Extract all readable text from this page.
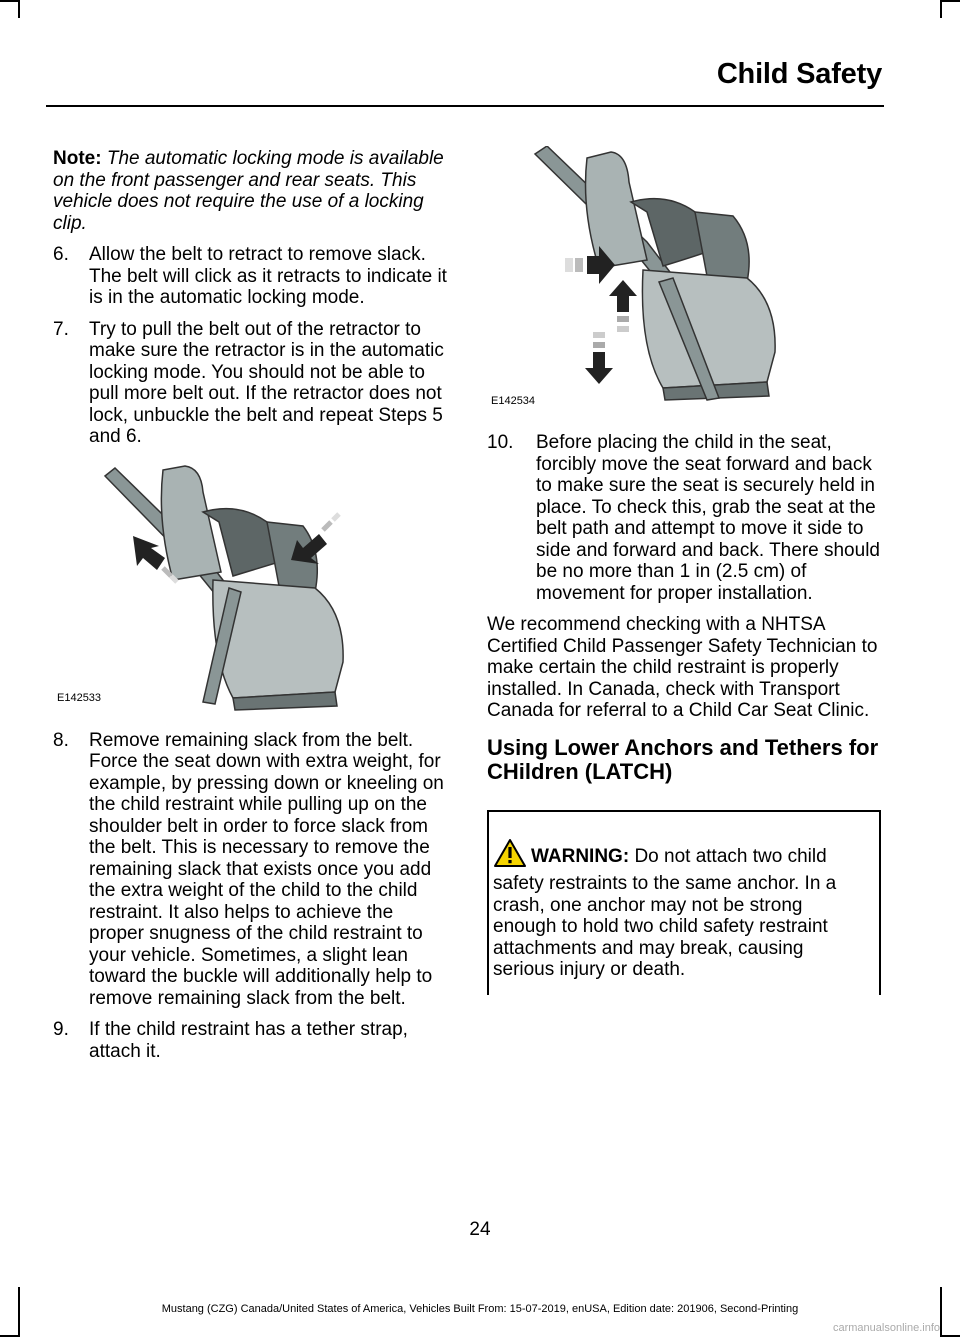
Child Safety

Note: The automatic locking mode is available on the front passenger and rear seats. This vehicle does not require the use of a locking clip.

6.	Allow the belt to retract to remove slack. The belt will click as it retracts to indicate it is in the automatic locking mode.
7.	Try to pull the belt out of the retractor to make sure the retractor is in the automatic locking mode. You should not be able to pull more belt out. If the retractor does not lock, unbuckle the belt and repeat Steps 5 and 6.
E142533
8.	Remove remaining slack from the belt. Force the seat down with extra weight, for example, by pressing down or kneeling on the child restraint while pulling up on the shoulder belt in order to force slack from the belt. This is necessary to remove the remaining slack that exists once you add the extra weight of the child to the child restraint. It also helps to achieve the proper snugness of the child restraint to your vehicle. Sometimes, a slight lean toward the buckle will additionally help to remove remaining slack from the belt.
9.	If the child restraint has a tether strap, attach it.
E142534
10.	Before placing the child in the seat, forcibly move the seat forward and back to make sure the seat is securely held in place. To check this, grab the seat at the belt path and attempt to move it side to side and forward and back. There should be no more than 1 in (2.5 cm) of movement for proper installation.

We recommend checking with a NHTSA Certified Child Passenger Safety Technician to make certain the child restraint is properly installed. In Canada, check with Transport Canada for referral to a Child Car Seat Clinic.

Using Lower Anchors and Tethers for CHildren (LATCH)
WARNING: Do not attach two child safety restraints to the same anchor. In a crash, one anchor may not be strong enough to hold two child safety restraint attachments and may break, causing serious injury or death.
24
Mustang (CZG) Canada/United States of America, Vehicles Built From: 15-07-2019, enUSA, Edition date: 201906, Second-Printing
carmanualsonline.info
